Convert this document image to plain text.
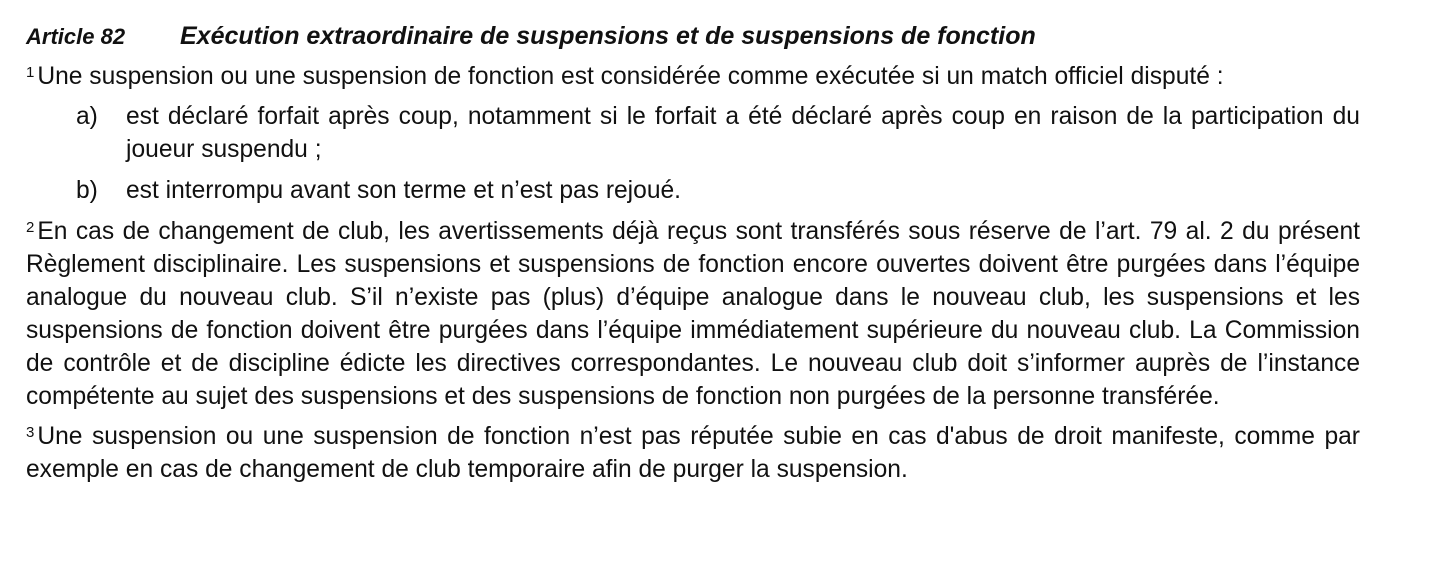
Article 82	Exécution extraordinaire de suspensions et de suspensions de fonction

$^1$ Une suspension ou une suspension de fonction est considérée comme exécutée si un match officiel disputé :

a)	est déclaré forfait après coup, notamment si le forfait a été déclaré après coup en raison de la participation du joueur suspendu ;
b)	est interrompu avant son terme et n’est pas rejoué.

$^2$ En cas de changement de club, les avertissements déjà reçus sont transférés sous réserve de l’art. 79 al. 2 du présent Règlement disciplinaire. Les suspensions et suspensions de fonction encore ouvertes doivent être purgées dans l’équipe analogue du nouveau club. S’il n’existe pas (plus) d’équipe analogue dans le nouveau club, les suspensions et les suspensions de fonction doivent être purgées dans l’équipe immédiatement supérieure du nouveau club. La Commission de contrôle et de discipline édicte les directives correspondantes. Le nouveau club doit s’informer auprès de l’instance compétente au sujet des suspensions et des suspensions de fonction non purgées de la personne transférée.

$^3$ Une suspension ou une suspension de fonction n’est pas réputée subie en cas d'abus de droit manifeste, comme par exemple en cas de changement de club temporaire afin de purger la suspension.
